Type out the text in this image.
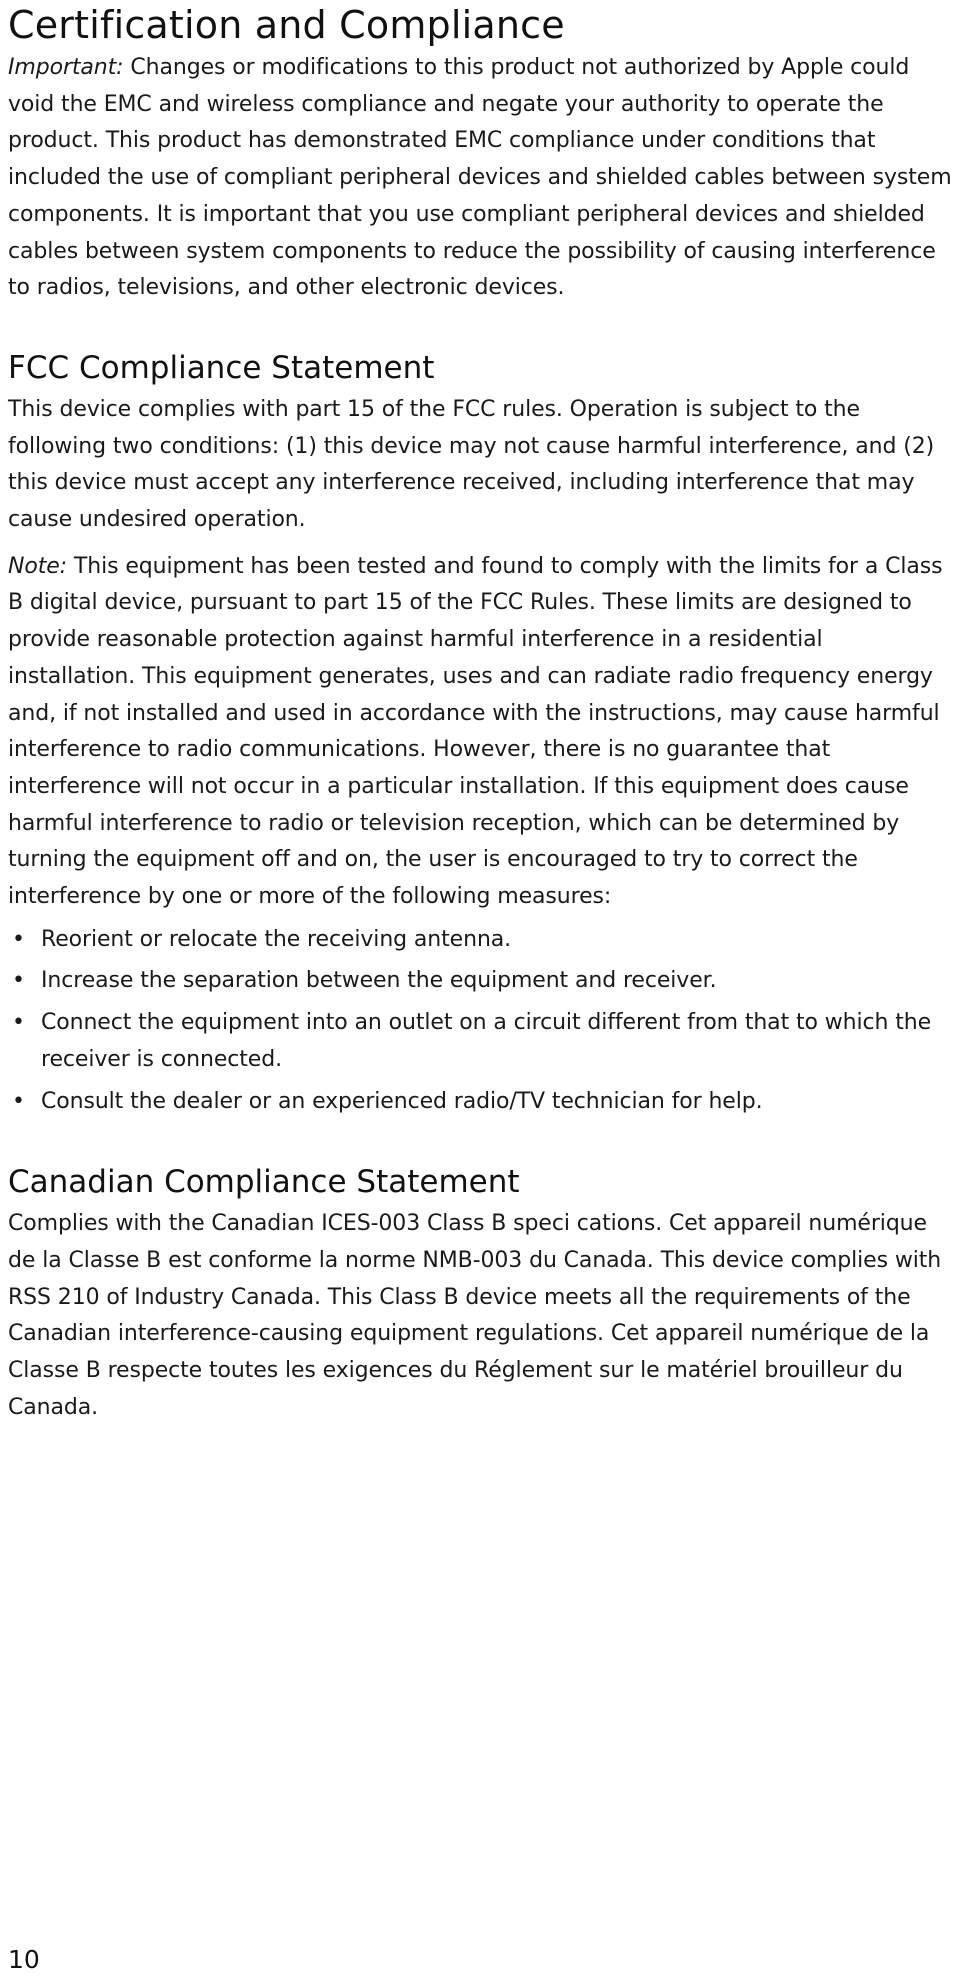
Certification and Compliance

Important: Changes or modifications to this product not authorized by Apple could void the EMC and wireless compliance and negate your authority to operate the product. This product has demonstrated EMC compliance under conditions that included the use of compliant peripheral devices and shielded cables between system components. It is important that you use compliant peripheral devices and shielded cables between system components to reduce the possibility of causing interference to radios, televisions, and other electronic devices.

FCC Compliance Statement

This device complies with part 15 of the FCC rules. Operation is subject to the following two conditions: (1) this device may not cause harmful interference, and (2) this device must accept any interference received, including interference that may cause undesired operation.

Note: This equipment has been tested and found to comply with the limits for a Class B digital device, pursuant to part 15 of the FCC Rules. These limits are designed to provide reasonable protection against harmful interference in a residential installation. This equipment generates, uses and can radiate radio frequency energy and, if not installed and used in accordance with the instructions, may cause harmful interference to radio communications. However, there is no guarantee that interference will not occur in a particular installation. If this equipment does cause harmful interference to radio or television reception, which can be determined by turning the equipment off and on, the user is encouraged to try to correct the interference by one or more of the following measures:

• Reorient or relocate the receiving antenna.
• Increase the separation between the equipment and receiver.
• Connect the equipment into an outlet on a circuit different from that to which the receiver is connected.
• Consult the dealer or an experienced radio/TV technician for help.
Canadian Compliance Statement

Complies with the Canadian ICES-003 Class B speci cations. Cet appareil numérique de la Classe B est conforme la norme NMB-003 du Canada. This device complies with RSS 210 of Industry Canada. This Class B device meets all the requirements of the Canadian interference-causing equipment regulations. Cet appareil numérique de la Classe B respecte toutes les exigences du Réglement sur le matériel brouilleur du Canada.

10
